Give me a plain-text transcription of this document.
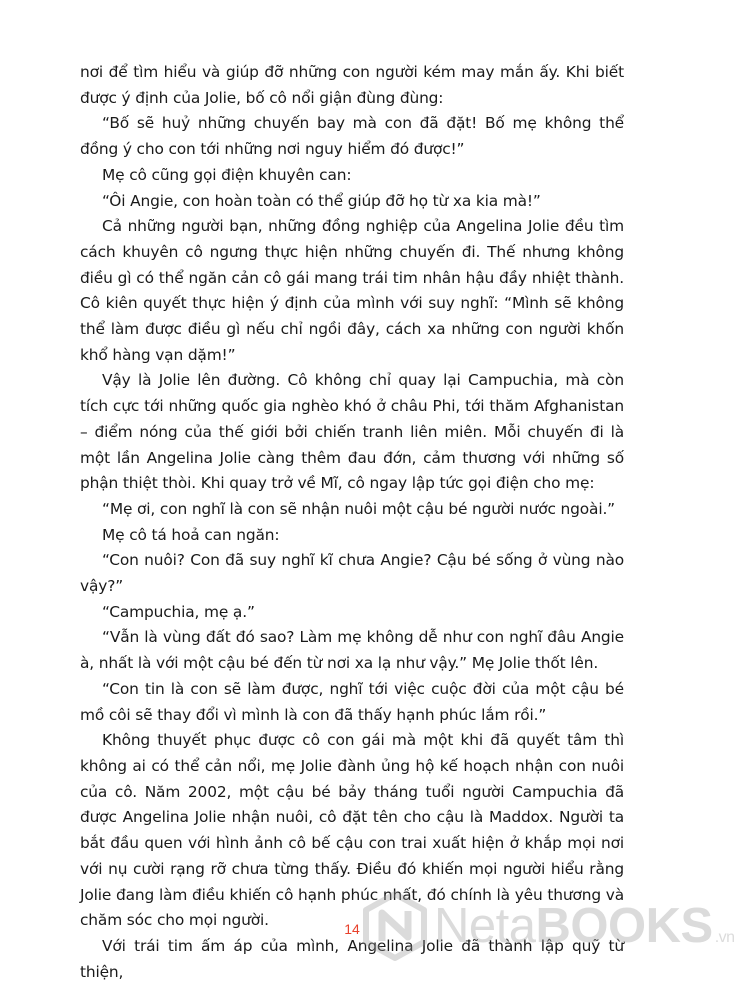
nơi để tìm hiểu và giúp đỡ những con người kém may mắn ấy. Khi biết được ý định của Jolie, bố cô nổi giận đùng đùng:

“Bố sẽ huỷ những chuyến bay mà con đã đặt! Bố mẹ không thể đồng ý cho con tới những nơi nguy hiểm đó được!”

Mẹ cô cũng gọi điện khuyên can:

“Ôi Angie, con hoàn toàn có thể giúp đỡ họ từ xa kia mà!”

Cả những người bạn, những đồng nghiệp của Angelina Jolie đều tìm cách khuyên cô ngưng thực hiện những chuyến đi. Thế nhưng không điều gì có thể ngăn cản cô gái mang trái tim nhân hậu đầy nhiệt thành. Cô kiên quyết thực hiện ý định của mình với suy nghĩ: “Mình sẽ không thể làm được điều gì nếu chỉ ngồi đây, cách xa những con người khốn khổ hàng vạn dặm!”

Vậy là Jolie lên đường. Cô không chỉ quay lại Campuchia, mà còn tích cực tới những quốc gia nghèo khó ở châu Phi, tới thăm Afghanistan – điểm nóng của thế giới bởi chiến tranh liên miên. Mỗi chuyến đi là một lần Angelina Jolie càng thêm đau đớn, cảm thương với những số phận thiệt thòi. Khi quay trở về Mĩ, cô ngay lập tức gọi điện cho mẹ:

“Mẹ ơi, con nghĩ là con sẽ nhận nuôi một cậu bé người nước ngoài.”

Mẹ cô tá hoả can ngăn:

“Con nuôi? Con đã suy nghĩ kĩ chưa Angie? Cậu bé sống ở vùng nào vậy?”

“Campuchia, mẹ ạ.”

“Vẫn là vùng đất đó sao? Làm mẹ không dễ như con nghĩ đâu Angie à, nhất là với một cậu bé đến từ nơi xa lạ như vậy.” Mẹ Jolie thốt lên.

“Con tin là con sẽ làm được, nghĩ tới việc cuộc đời của một cậu bé mồ côi sẽ thay đổi vì mình là con đã thấy hạnh phúc lắm rồi.”

Không thuyết phục được cô con gái mà một khi đã quyết tâm thì không ai có thể cản nổi, mẹ Jolie đành ủng hộ kế hoạch nhận con nuôi của cô. Năm 2002, một cậu bé bảy tháng tuổi người Campuchia đã được Angelina Jolie nhận nuôi, cô đặt tên cho cậu là Maddox. Người ta bắt đầu quen với hình ảnh cô bế cậu con trai xuất hiện ở khắp mọi nơi với nụ cười rạng rỡ chưa từng thấy. Điều đó khiến mọi người hiểu rằng Jolie đang làm điều khiến cô hạnh phúc nhất, đó chính là yêu thương và chăm sóc cho mọi người.

Với trái tim ấm áp của mình, Angelina Jolie đã thành lập quỹ từ thiện,

14 NetaBOOKS .vn
